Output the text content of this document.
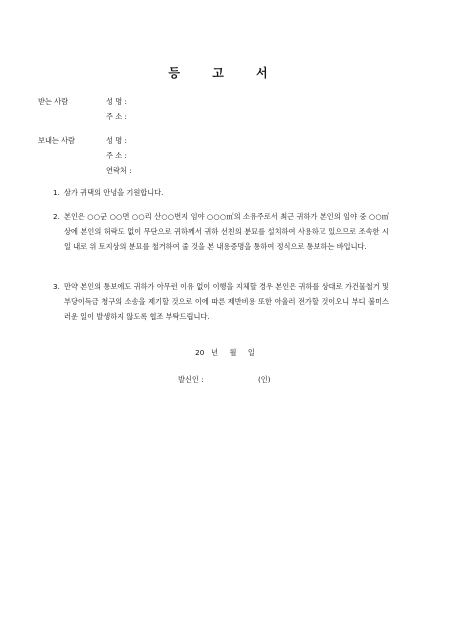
등 고 서
받는 사람	성 명 :
주 소 :
보내는 사람	성 명 :
주 소 :
연락처 :
1. 삼가 귀댁의 안녕을 기원합니다.
2. 본인은 ○○군 ○○면 ○○리 산○○번지 임야 ○○○㎡의 소유주로서 최근 귀하가 본인의 임야 중 ○○㎡ 상에 본인의 허락도 없이 무단으로 귀하께서 귀하 선친의 분묘를 설치하여 사용하고 있으므로 조속한 시일 내로 위 토지상의 분묘를 철거하여 줄 것을 본 내용증명을 통하여 정식으로 통보하는 바입니다.
3. 만약 본인의 통보에도 귀하가 아무런 이유 없이 이행을 지체할 경우 본인은 귀하를 상대로 가건물철거 및 부당이득금 청구의 소송을 제기할 것으로 이에 따른 제반비용 또한 아울러 전가할 것이오니 부디 불미스러운 일이 발생하지 않도록 협조 부탁드립니다.
20   년     월     일
발신인 :	(인)
